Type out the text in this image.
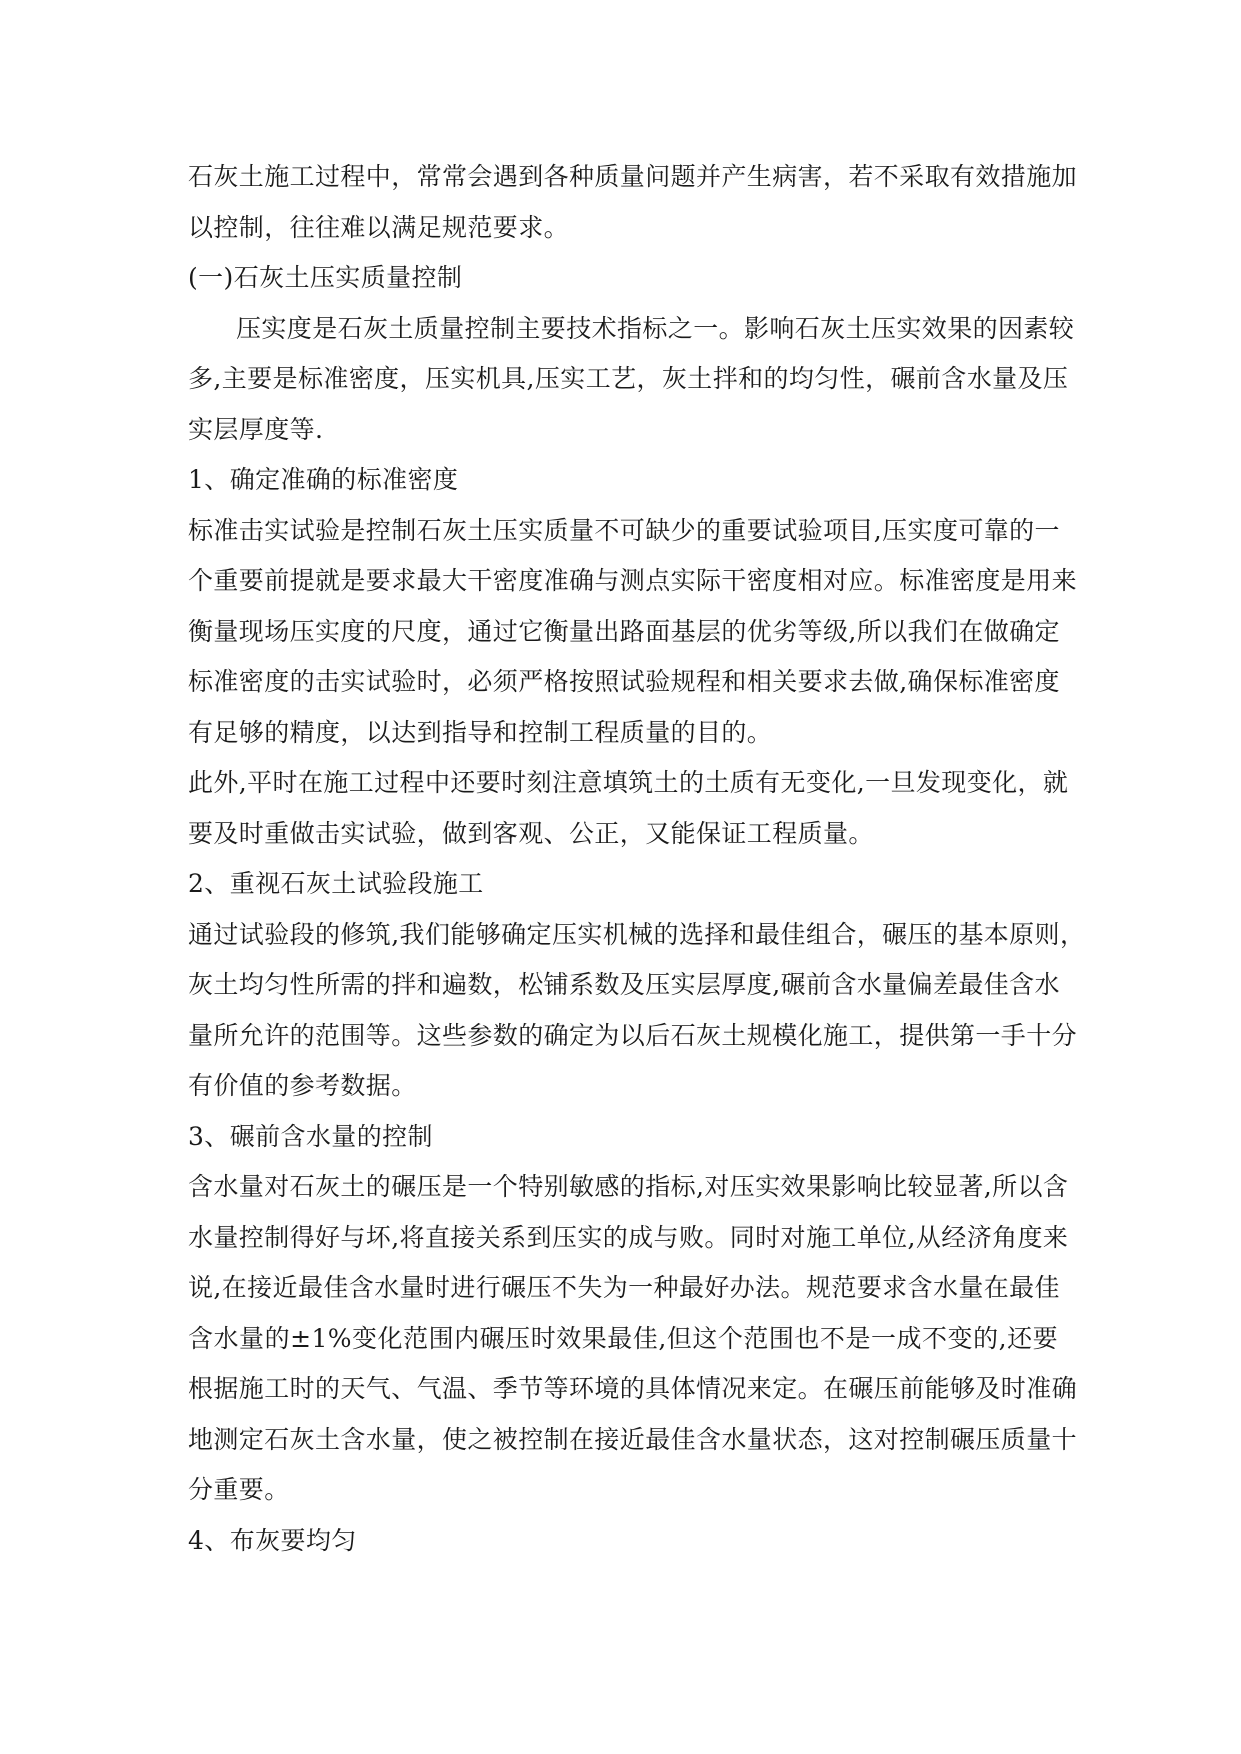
石灰土施工过程中，常常会遇到各种质量问题并产生病害，若不采取有效措施加
以控制，往往难以满足规范要求。
(一)石灰土压实质量控制
压实度是石灰土质量控制主要技术指标之一。影响石灰土压实效果的因素较
多,主要是标准密度，压实机具,压实工艺，灰土拌和的均匀性，碾前含水量及压
实层厚度等.
1、确定准确的标准密度
标准击实试验是控制石灰土压实质量不可缺少的重要试验项目,压实度可靠的一
个重要前提就是要求最大干密度准确与测点实际干密度相对应。标准密度是用来
衡量现场压实度的尺度，通过它衡量出路面基层的优劣等级,所以我们在做确定
标准密度的击实试验时，必须严格按照试验规程和相关要求去做,确保标准密度
有足够的精度，以达到指导和控制工程质量的目的。
此外,平时在施工过程中还要时刻注意填筑土的土质有无变化,一旦发现变化，就
要及时重做击实试验，做到客观、公正，又能保证工程质量。
2、重视石灰土试验段施工
通过试验段的修筑,我们能够确定压实机械的选择和最佳组合，碾压的基本原则，
灰土均匀性所需的拌和遍数，松铺系数及压实层厚度,碾前含水量偏差最佳含水
量所允许的范围等。这些参数的确定为以后石灰土规模化施工，提供第一手十分
有价值的参考数据。
3、碾前含水量的控制
含水量对石灰土的碾压是一个特别敏感的指标,对压实效果影响比较显著,所以含
水量控制得好与坏,将直接关系到压实的成与败。同时对施工单位,从经济角度来
说,在接近最佳含水量时进行碾压不失为一种最好办法。规范要求含水量在最佳
含水量的±1%变化范围内碾压时效果最佳,但这个范围也不是一成不变的,还要
根据施工时的天气、气温、季节等环境的具体情况来定。在碾压前能够及时准确
地测定石灰土含水量，使之被控制在接近最佳含水量状态，这对控制碾压质量十
分重要。
4、布灰要均匀
